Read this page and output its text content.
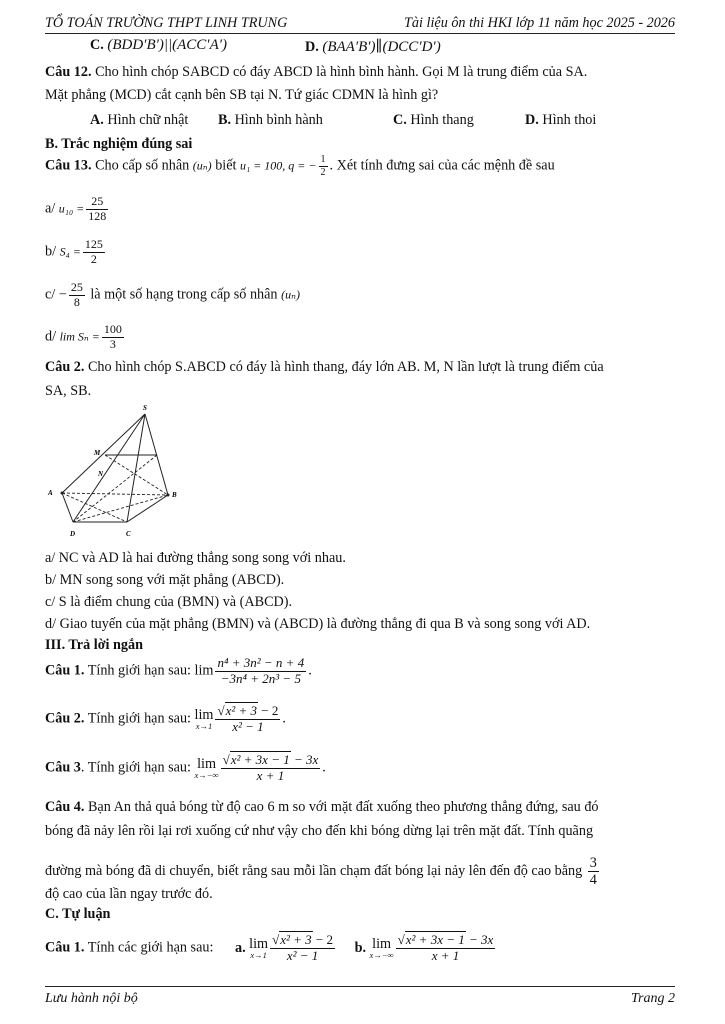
TỔ TOÁN TRƯỜNG THPT LINH TRUNG	Tài liệu ôn thi HKI lớp 11 năm học 2025 - 2026
C. (BDD′B′)||(ACC′A′)	D. (BAA′B′)∥(DCC′D′)
Câu 12. Cho hình chóp SABCD có đáy ABCD là hình bình hành. Gọi M là trung điểm của SA.
Mặt phẳng (MCD) cắt cạnh bên SB tại N. Tứ giác CDMN là hình gì?
A. Hình chữ nhật B. Hình bình hành	C. Hình thang	D. Hình thoi
B. Trắc nghiệm đúng sai
Câu 13. Cho cấp số nhân (uₙ) biết u₁ = 100, q = − $\frac{1}{2}$ . Xét tính đưng sai của các mệnh đề sau
a/ $u_{10} = \frac{25}{128}$
b/ $S_4 = \frac{125}{2}$
$c/ - \frac{25}{8}$ là một số hạng trong cấp số nhân (uₙ)
d/ $\lim S_n = \frac{100}{3}$
Câu 2. Cho hình chóp S.ABCD có đáy là hình thang, đáy lớn AB. M, N lần lượt là trung điểm của
SA, SB.
S
M
N
A	B
D	C
a/ NC và AD là hai đường thẳng song song với nhau.
b/ MN song song với mặt phẳng (ABCD).
c/ S là điểm chung của (BMN) và (ABCD).
d/ Giao tuyến của mặt phẳng (BMN) và (ABCD) là đường thẳng đi qua B và song song với AD.
III. Trả lời ngắn
Câu 1. Tính giới hạn sau: $\lim \frac{\text{n⁴ + 3n² − n + 4}}{\text{−3n⁴ + 2n³ − 5}}$ .
Câu 2. Tính giới hạn sau: lim
$x\to 1 \frac{\text{√x² + 3 − 2}}{\text{x² − 1}}$ .
Câu 3. Tính giới hạn sau: lim
$x\to-\infty \frac{\text{√x² + 3x − 1 − 3x}}{x + 1}$ .
Câu 4. Bạn An thả quả bóng từ độ cao 6 m so với mặt đất xuống theo phương thẳng đứng, sau đó
bóng đã nảy lên rồi lại rơi xuống cứ như vậy cho đến khi bóng dừng lại trên mặt đất. Tính quãng
đường mà bóng đã di chuyển, biết rằng sau mỗi lần chạm đất bóng lại nảy lên đến độ cao bằng $\frac{3}{4}$
độ cao của lần ngay trước đó.
C. Tự luận
Câu 1. Tính các giới hạn sau: a. lim
$x\to 1 \frac{\text{√x² + 3 − 2}}{\text{x² − 1}} b$. lim
$x\to-\infty \frac{\text{√x² + 3x − 1 − 3x}}{x + 1}$
Lưu hành nội bộ	Trang 2
